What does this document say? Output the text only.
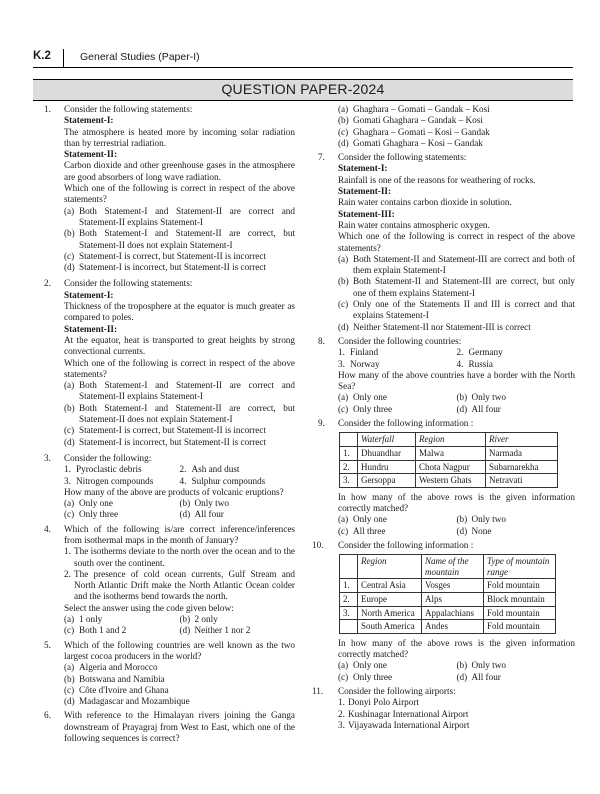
K.2	General Studies (Paper-I)
QUESTION PAPER-2024
1. Consider the following statements:
Statement-I:
The atmosphere is heated more by incoming solar radiation than by terrestrial radiation.
Statement-II:
Carbon dioxide and other greenhouse gases in the atmosphere are good absorbers of long wave radiation.
Which one of the following is correct in respect of the above statements?
(a) Both Statement-I and Statement-II are correct and Statement-II explains Statement-I
(b) Both Statement-I and Statement-II are correct, but Statement-II does not explain Statement-I
(c) Statement-I is correct, but Statement-II is incorrect
(d) Statement-I is incorrect, but Statement-II is correct
2. Consider the following statements:
Statement-I:
Thickness of the troposphere at the equator is much greater as compared to poles.
Statement-II:
At the equator, heat is transported to great heights by strong convectional currents.
Which one of the following is correct in respect of the above statements?
(a) Both Statement-I and Statement-II are correct and Statement-II explains Statement-I
(b) Both Statement-I and Statement-II are correct, but Statement-II does not explain Statement-I
(c) Statement-I is correct, but Statement-II is incorrect
(d) Statement-I is incorrect, but Statement-II is correct
3. Consider the following:
1. Pyroclastic debris	2. Ash and dust
3. Nitrogen compounds	4. Sulphur compounds
How many of the above are products of volcanic eruptions?
(a) Only one	(b) Only two
(c) Only three	(d) All four
4. Which of the following is/are correct inference/inferences from isothermal maps in the month of January?
1. The isotherms deviate to the north over the ocean and to the south over the continent.
2. The presence of cold ocean currents, Gulf Stream and North Atlantic Drift make the North Atlantic Ocean colder and the isotherms bend towards the north.
Select the answer using the code given below:
(a) 1 only	(b) 2 only
(c) Both 1 and 2	(d) Neither 1 nor 2
5. Which of the following countries are well known as the two largest cocoa producers in the world?
(a) Algeria and Morocco
(b) Botswana and Namibia
(c) Côte d'Ivoire and Ghana
(d) Madagascar and Mozambique
6. With reference to the Himalayan rivers joining the Ganga downstream of Prayagraj from West to East, which one of the following sequences is correct?
(a) Ghaghara – Gomati – Gandak – Kosi
(b) Gomati Ghaghara – Gandak – Kosi
(c) Ghaghara – Gomati – Kosi – Gandak
(d) Gomati Ghaghara – Kosi – Gandak
7. Consider the following statements:
Statement-I:
Rainfall is one of the reasons for weathering of rocks.
Statement-II:
Rain water contains carbon dioxide in solution.
Statement-III:
Rain water contains atmospheric oxygen.
Which one of the following is correct in respect of the above statements?
(a) Both Statement-II and Statement-III are correct and both of them explain Statement-I
(b) Both Statement-II and Statement-III are correct, but only one of them explains Statement-I
(c) Only one of the Statements II and III is correct and that explains Statement-I
(d) Neither Statement-II nor Statement-III is correct
8. Consider the following countries:
1. Finland	2. Germany
3. Norway	4. Russia
How many of the above countries have a border with the North Sea?
(a) Only one	(b) Only two
(c) Only three	(d) All four
9. Consider the following information :
	Waterfall	Region	River
1.	Dhuandhar	Malwa	Narmada
2.	Hundru	Chota Nagpur	Subarnarekha
3.	Gersoppa	Western Ghats	Netravati
In how many of the above rows is the given information correctly matched?
(a) Only one	(b) Only two
(c) All three	(d) None
10. Consider the following information :
	Region	Name of the mountain	Type of mountain range
1.	Central Asia	Vosges	Fold mountain
2.	Europe	Alps	Block mountain
3.	North America	Appalachians	Fold mountain
	South America	Andes	Fold mountain
In how many of the above rows is the given information correctly matched?
(a) Only one	(b) Only two
(c) Only three	(d) All four
11. Consider the following airports:
1. Donyi Polo Airport
2. Kushinagar International Airport
3. Vijayawada International Airport
